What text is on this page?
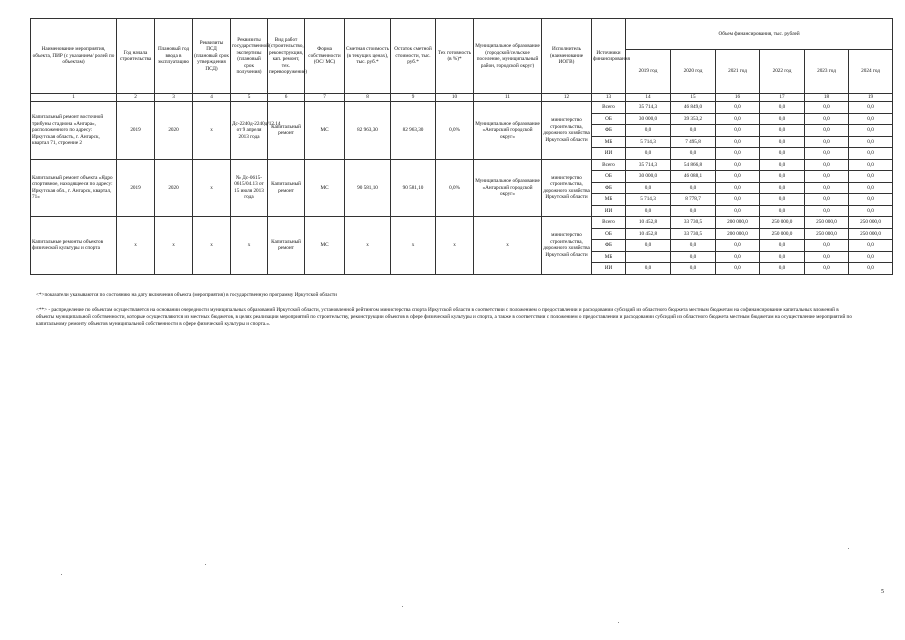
Наименование мероприятия, объекта, ПИР (с указанием/ ролей по объектам)	Год начала строительства	Плановый год ввода в эксплуатацию	Реквизиты ПСД (плановый срок утверждения ПСД)	Реквизиты государственной экспертизы (плановый срок получения)	Вид работ (строительство, реконструкция, кап. ремонт, тех. перевооружение)	Форма собственности (ОС/ МС)	Сметная стоимость (в текущих ценах), тыс. руб.*	Остаток сметной стоимости, тыс. руб.*	Тех готовность (в %)*	Муниципальное образование (городской/сельское поселение, муниципальный район, городской округ)	Исполнитель (наименование ИОГВ)	Источники финансирования	Объем финансирования, тыс. рублей					
													2019 год	2020 год	2021 год	2022 год	2023 год	2024 год
1	2	3	4	5	6	7	8	9	10	11	12	13	14	15	16	17	18	19
Капитальный ремонт восточной трибуны стадиона «Ангара», расположенного по адресу: Иркутская область, г. Ангарск, квартал 71, строение 2	2019	2020	х	Дс-2240д-2240д/12.14 от 9 апреля 2013 года	Капитальный ремонт	МС	82 963,30	82 963,30	0,0%	Муниципальное образование «Ангарский городской округ»	министерство строительства, дорожного хозяйства Иркутской области	Всего	35 714,3	46 849,0	0,0	0,0	0,0	0,0
												ОБ	30 000,0	39 353,2	0,0	0,0	0,0	0,0
												ФБ	0,0	0,0	0,0	0,0	0,0	0,0
												МБ	5 714,3	7 495,8	0,0	0,0	0,0	0,0
												ИИ	0,0	0,0	0,0	0,0	0,0	0,0
Капитальный ремонт объекта «Ядро спортивное, находящееся по адресу: Иркутская обл., г. Ангарск, квартал, 71»	2019	2020	х	№ Дс-0615-0615/04.13 от 15 июля 2013 года	Капитальный ремонт	МС	90 581,10	90 581,10	0,0%	Муниципальное образование «Ангарский городской округ»	министерство строительства, дорожного хозяйства Иркутской области	Всего	35 714,3	54 866,8	0,0	0,0	0,0	0,0
												ОБ	30 000,0	46 088,1	0,0	0,0	0,0	0,0
												ФБ	0,0	0,0	0,0	0,0	0,0	0,0
												МБ	5 714,3	8 778,7	0,0	0,0	0,0	0,0
												ИИ	0,0	0,0	0,0	0,0	0,0	0,0
Капитальные ремонты объектов физической культуры и спорта	х	х	х	х	Капитальный ремонт	МС	х	х	х	х	министерство строительства, дорожного хозяйства Иркутской области	Всего	10 452,8	33 730,5	200 000,0	250 000,0	250 000,0	250 000,0
												ОБ	10 452,8	33 730,5	200 000,0	250 000,0	250 000,0	250 000,0
												ФБ	0,0	0,0	0,0	0,0	0,0	0,0
												МБ		0,0	0,0	0,0	0,0	0,0
												ИИ	0,0	0,0	0,0	0,0	0,0	0,0

<*>показатели указываются по состоянию на дату включения объекта (мероприятия) в государственную программу Иркутской области

<**> - распределение по объектам осуществляется на основании очередности муниципальных образований Иркутской области, установленной рейтингом министерства спорта Иркутской области в соответствии с положением о предоставлении и расходовании субсидий из областного бюджета местным бюджетам на софинансирование капитальных вложений в объекты муниципальной собственности, которые осуществляются из местных бюджетов, в целях реализации мероприятий по строительству, реконструкции объектов в сфере физической культуры и спорта, а также в соответствии с положением о предоставлении и расходовании субсидий из областного бюджета местным бюджетам на осуществление мероприятий по капитальному ремонту объектов муниципальной собственности в сфере физической культуры и спорта.».

5
